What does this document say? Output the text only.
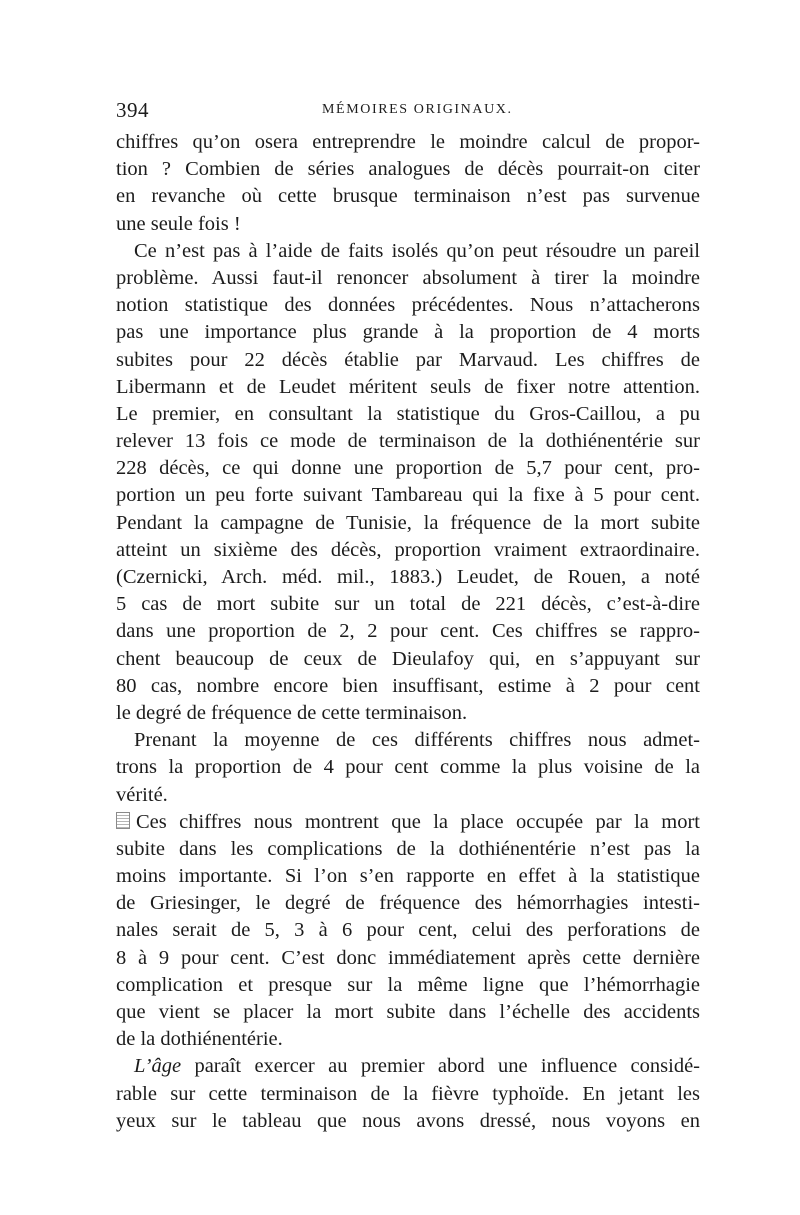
394	MÉMOIRES ORIGINAUX.
chiffres qu’on osera entreprendre le moindre calcul de propor-
tion ? Combien de séries analogues de décès pourrait-on citer
en revanche où cette brusque terminaison n’est pas survenue
une seule fois !
Ce n’est pas à l’aide de faits isolés qu’on peut résoudre un pareil
problème. Aussi faut-il renoncer absolument à tirer la moindre
notion statistique des données précédentes. Nous n’attacherons
pas une importance plus grande à la proportion de 4 morts
subites pour 22 décès établie par Marvaud. Les chiffres de
Libermann et de Leudet méritent seuls de fixer notre attention.
Le premier, en consultant la statistique du Gros-Caillou, a pu
relever 13 fois ce mode de terminaison de la dothiénentérie sur
228 décès, ce qui donne une proportion de 5,7 pour cent, pro-
portion un peu forte suivant Tambareau qui la fixe à 5 pour cent.
Pendant la campagne de Tunisie, la fréquence de la mort subite
atteint un sixième des décès, proportion vraiment extraordinaire.
(Czernicki, Arch. méd. mil., 1883.) Leudet, de Rouen, a noté
5 cas de mort subite sur un total de 221 décès, c’est-à-dire
dans une proportion de 2, 2 pour cent. Ces chiffres se rappro-
chent beaucoup de ceux de Dieulafoy qui, en s’appuyant sur
80 cas, nombre encore bien insuffisant, estime à 2 pour cent
le degré de fréquence de cette terminaison.
Prenant la moyenne de ces différents chiffres nous admet-
trons la proportion de 4 pour cent comme la plus voisine de la
vérité.
Ces chiffres nous montrent que la place occupée par la mort
subite dans les complications de la dothiénentérie n’est pas la
moins importante. Si l’on s’en rapporte en effet à la statistique
de Griesinger, le degré de fréquence des hémorrhagies intesti-
nales serait de 5, 3 à 6 pour cent, celui des perforations de
8 à 9 pour cent. C’est donc immédiatement après cette dernière
complication et presque sur la même ligne que l’hémorrhagie
que vient se placer la mort subite dans l’échelle des accidents
de la dothiénentérie.
L’âge paraît exercer au premier abord une influence considé-
rable sur cette terminaison de la fièvre typhoïde. En jetant les
yeux sur le tableau que nous avons dressé, nous voyons en
